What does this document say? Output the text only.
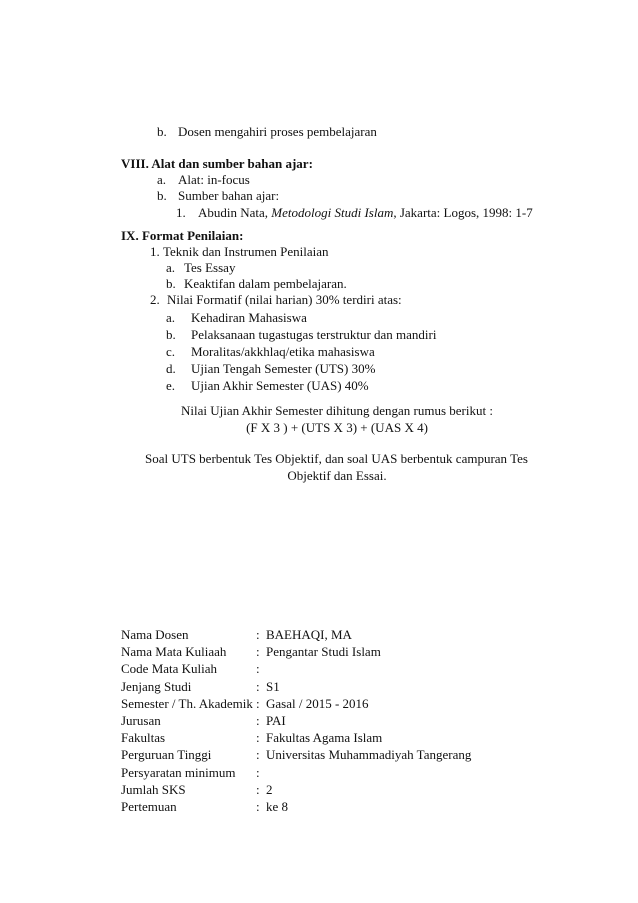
b. Dosen mengahiri proses pembelajaran
VIII. Alat dan sumber bahan ajar:
a. Alat: in-focus
b. Sumber bahan ajar:
1. Abudin Nata, Metodologi Studi Islam, Jakarta: Logos, 1998: 1-7
IX. Format Penilaian:
1. Teknik dan Instrumen Penilaian
a. Tes Essay
b. Keaktifan dalam pembelajaran.
2. Nilai Formatif (nilai harian) 30% terdiri atas:
a. Kehadiran Mahasiswa
b. Pelaksanaan tugastugas terstruktur dan mandiri
c. Moralitas/akkhlaq/etika mahasiswa
d. Ujian Tengah Semester (UTS) 30%
e. Ujian Akhir Semester (UAS) 40%
Nilai Ujian Akhir Semester dihitung dengan rumus berikut :
(F X 3 ) + (UTS X 3) + (UAS X 4)
Soal UTS berbentuk Tes Objektif, dan soal UAS berbentuk campuran Tes
Objektif dan Essai.
Nama Dosen	: BAEHAQI, MA
Nama Mata Kuliaah : Pengantar Studi Islam
Code Mata Kuliah	:
Jenjang Studi	: S1
Semester / Th. Akademik : Gasal / 2015 - 2016
Jurusan	: PAI
Fakultas	: Fakultas Agama Islam
Perguruan Tinggi	: Universitas Muhammadiyah Tangerang
Persyaratan minimum :
Jumlah SKS	: 2
Pertemuan	: ke 8
